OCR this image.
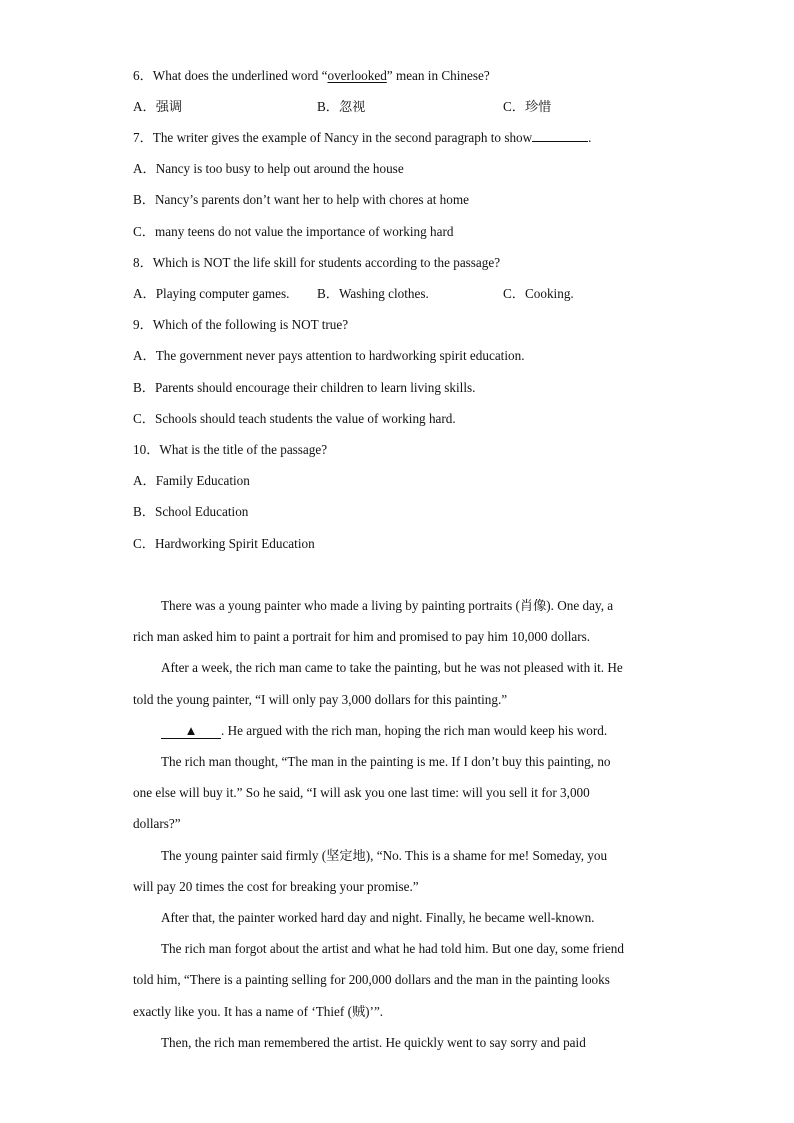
6．What does the underlined word “overlooked” mean in Chinese?
A．强调	B．忽视	C．珍惜
7．The writer gives the example of Nancy in the second paragraph to show	.
A．Nancy is too busy to help out around the house
B．Nancy’s parents don’t want her to help with chores at home
C．many teens do not value the importance of working hard
8．Which is NOT the life skill for students according to the passage?
A．Playing computer games. B．Washing clothes.	C．Cooking.
9．Which of the following is NOT true?
A．The government never pays attention to hardworking spirit education.
B．Parents should encourage their children to learn living skills.
C．Schools should teach students the value of working hard.
10．What is the title of the passage?
A．Family Education
B．School Education
C．Hardworking Spirit Education
There was a young painter who made a living by painting portraits (肖像). One day, a
rich man asked him to paint a portrait for him and promised to pay him 10,000 dollars.
After a week, the rich man came to take the painting, but he was not pleased with it. He
told the young painter, “I will only pay 3,000 dollars for this painting.”
▲ . He argued with the rich man, hoping the rich man would keep his word.
The rich man thought, “The man in the painting is me. If I don’t buy this painting, no
one else will buy it.” So he said, “I will ask you one last time: will you sell it for 3,000
dollars?”
The young painter said firmly (坚定地), “No. This is a shame for me! Someday, you
will pay 20 times the cost for breaking your promise.”
After that, the painter worked hard day and night. Finally, he became well-known.
The rich man forgot about the artist and what he had told him. But one day, some friend
told him, “There is a painting selling for 200,000 dollars and the man in the painting looks
exactly like you. It has a name of ‘Thief (贼)’”.
Then, the rich man remembered the artist. He quickly went to say sorry and paid
